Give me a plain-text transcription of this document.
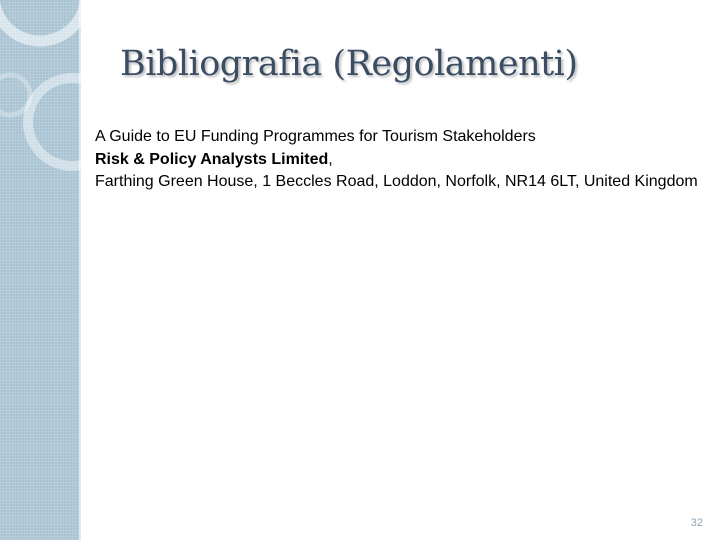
Bibliografia (Regolamenti)

A Guide to EU Funding Programmes for Tourism Stakeholders

Risk & Policy Analysts Limited,

Farthing Green House, 1 Beccles Road, Loddon, Norfolk, NR14 6LT, United Kingdom

32
